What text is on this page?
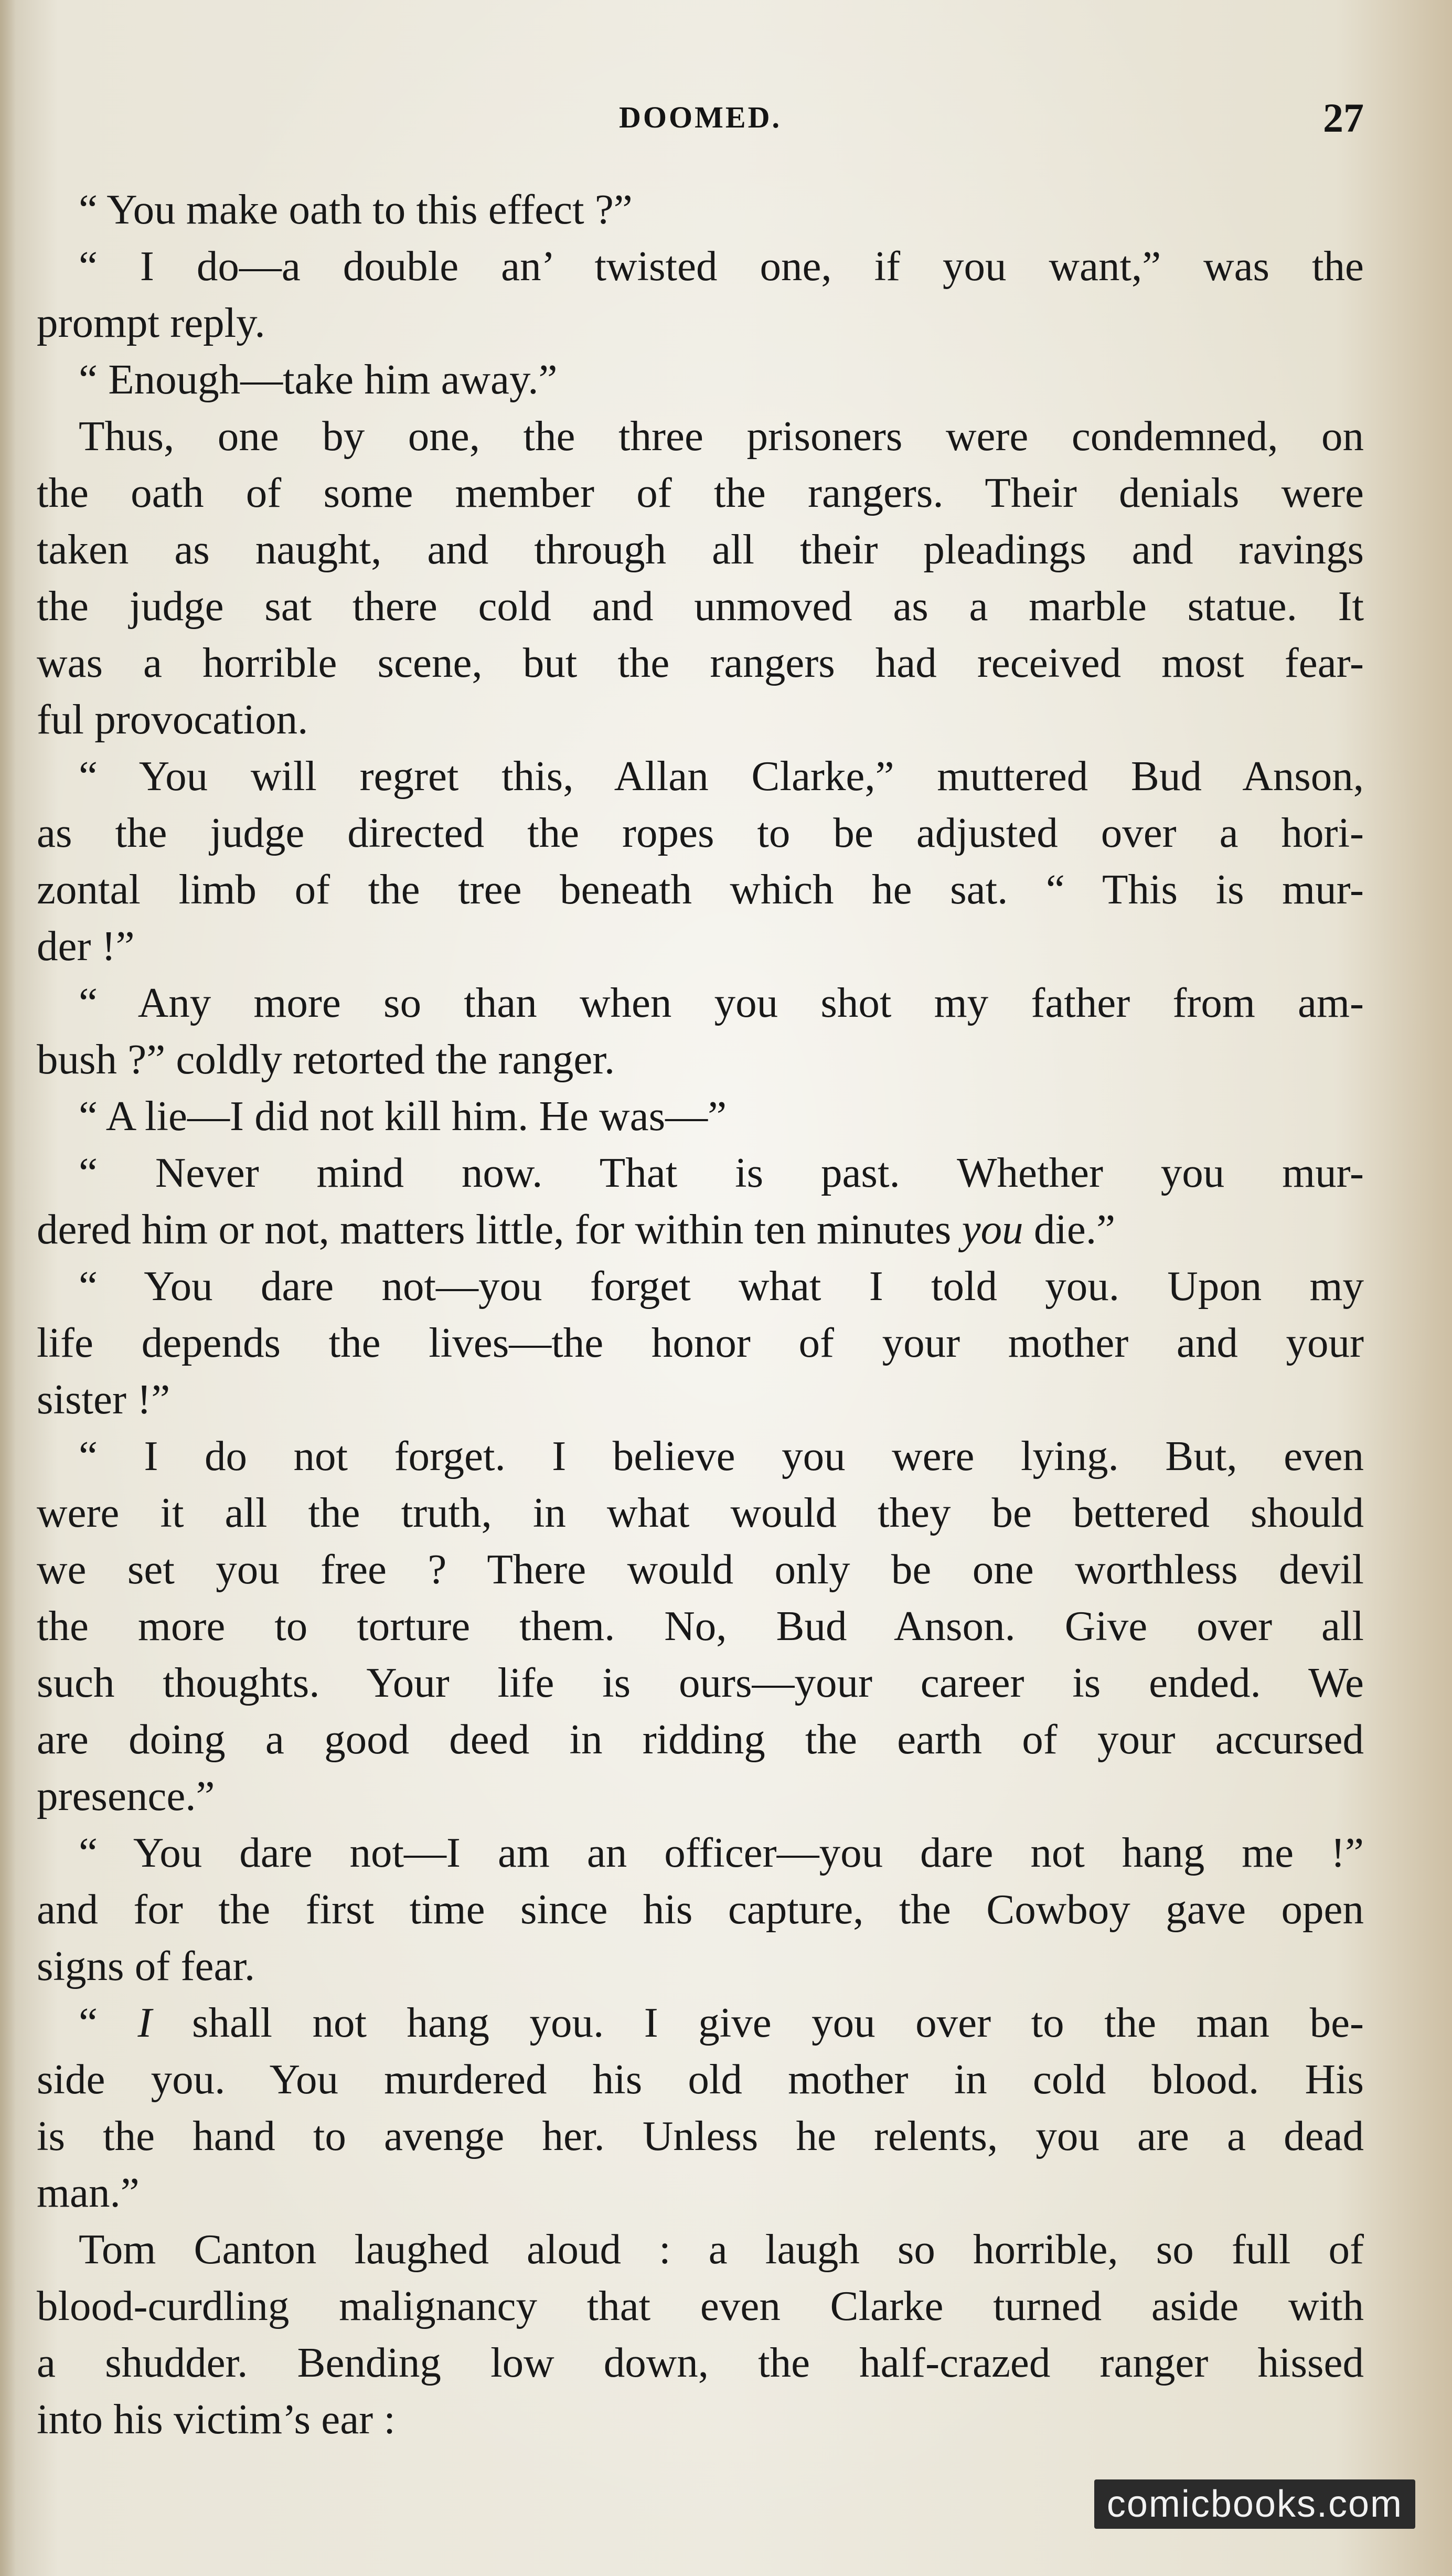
DOOMED.	27
“ You make oath to this effect ?”
“ I do—a double an’ twisted one, if you want,” was the
prompt reply.
“ Enough—take him away.”
Thus, one by one, the three prisoners were condemned, on
the oath of some member of the rangers. Their denials were
taken as naught, and through all their pleadings and ravings
the judge sat there cold and unmoved as a marble statue. It
was a horrible scene, but the rangers had received most fear-
ful provocation.
“ You will regret this, Allan Clarke,” muttered Bud Anson,
as the judge directed the ropes to be adjusted over a hori-
zontal limb of the tree beneath which he sat. “ This is mur-
der !”
“ Any more so than when you shot my father from am-
bush ?” coldly retorted the ranger.
“ A lie—I did not kill him. He was—”
“ Never mind now. That is past. Whether you mur-
dered him or not, matters little, for within ten minutes you die.”
“ You dare not—you forget what I told you. Upon my
life depends the lives—the honor of your mother and your
sister !”
“ I do not forget. I believe you were lying. But, even
were it all the truth, in what would they be bettered should
we set you free ? There would only be one worthless devil
the more to torture them. No, Bud Anson. Give over all
such thoughts. Your life is ours—your career is ended. We
are doing a good deed in ridding the earth of your accursed
presence.”
“ You dare not—I am an officer—you dare not hang me !”
and for the first time since his capture, the Cowboy gave open
signs of fear.
“ I shall not hang you. I give you over to the man be-
side you. You murdered his old mother in cold blood. His
is the hand to avenge her. Unless he relents, you are a dead
man.”
Tom Canton laughed aloud : a laugh so horrible, so full of
blood-curdling malignancy that even Clarke turned aside with
a shudder. Bending low down, the half-crazed ranger hissed
into his victim’s ear :
comicbooks.com
